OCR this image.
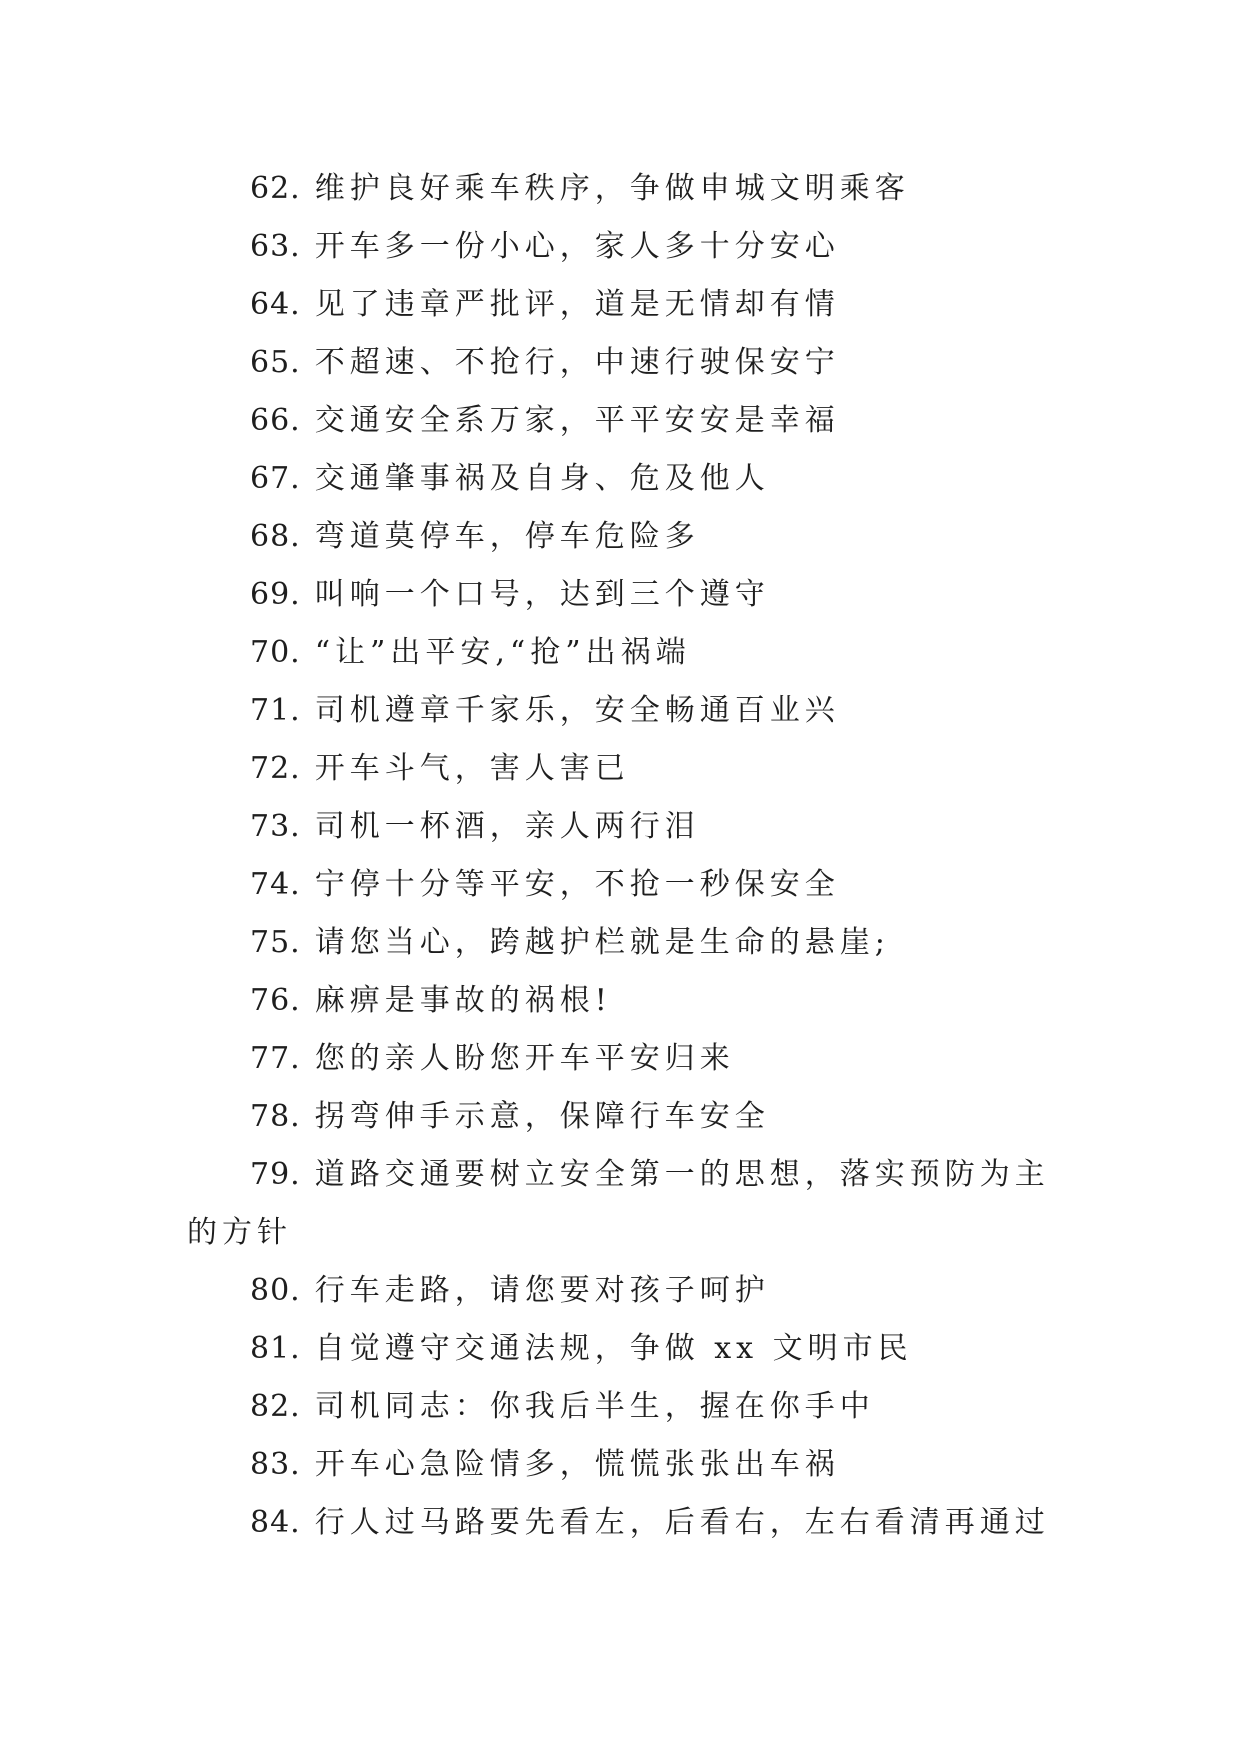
62. 维护良好乘车秩序，争做申城文明乘客
63. 开车多一份小心，家人多十分安心
64. 见了违章严批评，道是无情却有情
65. 不超速、不抢行，中速行驶保安宁
66. 交通安全系万家，平平安安是幸福
67. 交通肇事祸及自身、危及他人
68. 弯道莫停车，停车危险多
69. 叫响一个口号，达到三个遵守
70. “让”出平安,“抢”出祸端
71. 司机遵章千家乐，安全畅通百业兴
72. 开车斗气，害人害已
73. 司机一杯酒，亲人两行泪
74. 宁停十分等平安，不抢一秒保安全
75. 请您当心，跨越护栏就是生命的悬崖;
76. 麻痹是事故的祸根!
77. 您的亲人盼您开车平安归来
78. 拐弯伸手示意，保障行车安全
79. 道路交通要树立安全第一的思想，落实预防为主的方针
80. 行车走路，请您要对孩子呵护
81. 自觉遵守交通法规，争做 xx 文明市民
82. 司机同志：你我后半生，握在你手中
83. 开车心急险情多，慌慌张张出车祸
84. 行人过马路要先看左，后看右，左右看清再通过
